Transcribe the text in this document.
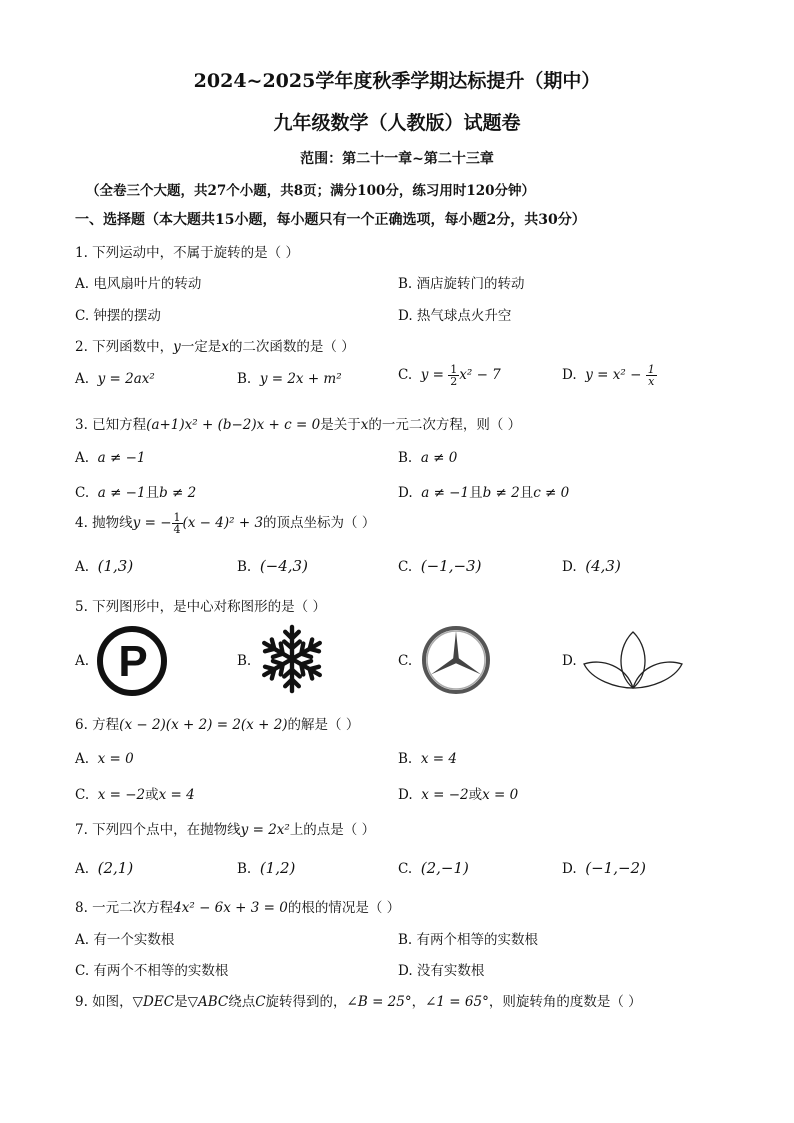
2024~2025学年度秋季学期达标提升（期中）
九年级数学（人教版）试题卷
范围：第二十一章~第二十三章
（全卷三个大题，共27个小题，共8页；满分100分，练习用时120分钟）
一、选择题（本大题共15小题，每小题只有一个正确选项，每小题2分，共30分）
1. 下列运动中，不属于旋转的是（ ）
A. 电风扇叶片的转动	B. 酒店旋转门的转动
C. 钟摆的摆动	D. 热气球点火升空
2. 下列函数中，y一定是x的二次函数的是（ ）
A. y = 2ax²	B. y = 2x + m²	C. $y = \frac{1}{2} x^2 - 7$	D. $y = x^2 - \frac{1}{x}$
3. 已知方程(a+1)x² + (b−2)x + c = 0是关于x的一元二次方程，则（ ）
A. a ≠ −1	B. a ≠ 0
C. a ≠ −1且b ≠ 2	D. a ≠ −1且b ≠ 2且c ≠ 0
4. 抛物线y = − $\frac{1}{4} (x - 4)^2 + 3$的顶点坐标为（ ）
A. (1,3)	B. (−4,3)	C. (−1,−3)	D. (4,3)
5. 下列图形中，是中心对称图形的是（ ）
A. P	B.	C.	D.
6. 方程(x − 2)(x + 2) = 2(x + 2)的解是（ ）
A. x = 0	B. x = 4
C. x = −2或x = 4	D. x = −2或x = 0
7. 下列四个点中，在抛物线y = 2x²上的点是（ ）
A. (2,1)	B. (1,2)	C. (2,−1)	D. (−1,−2)
8. 一元二次方程4x² − 6x + 3 = 0的根的情况是（ ）
A. 有一个实数根	B. 有两个相等的实数根
C. 有两个不相等的实数根	D. 没有实数根
9. 如图，▽DEC是▽ABC绕点C旋转得到的，∠B = 25°，∠1 = 65°，则旋转角的度数是（ ）
